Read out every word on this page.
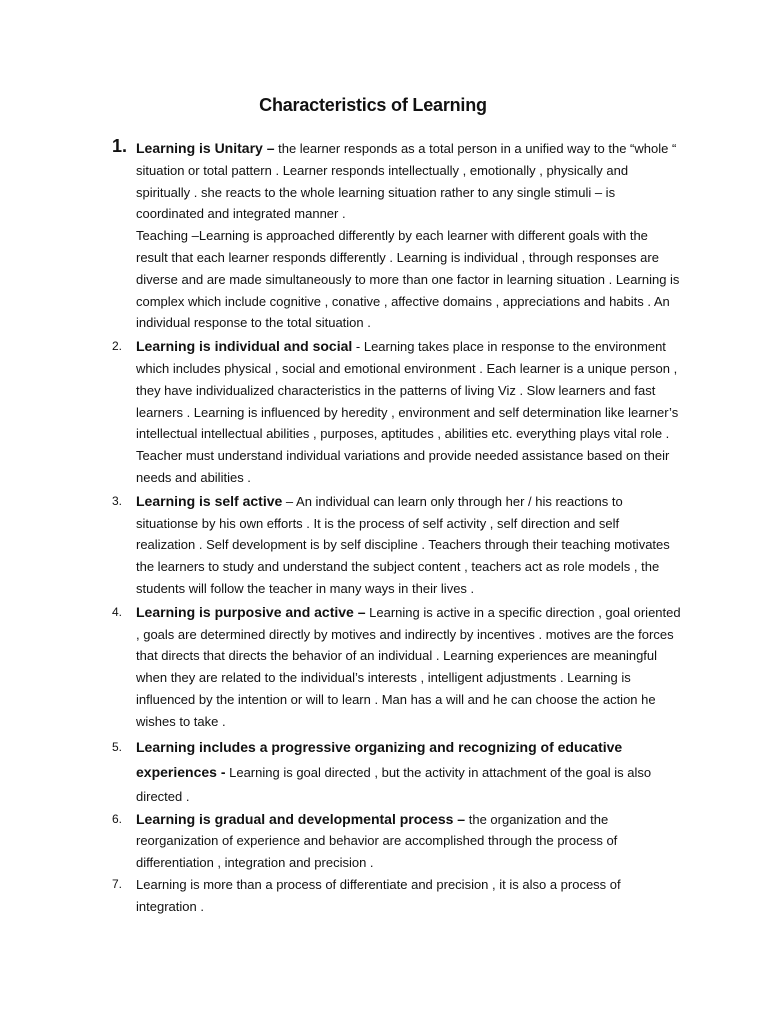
Characteristics of Learning
1. Learning is Unitary – the learner responds as a total person in a unified way to the “whole “ situation or total pattern . Learner responds intellectually , emotionally , physically and spiritually . she reacts to the whole learning situation rather to any single stimuli – is coordinated and integrated manner .
Teaching –Learning is approached differently by each learner with different goals with the result that each learner responds differently . Learning is individual , through responses are diverse and are made simultaneously to more than one factor in learning situation . Learning is complex which include cognitive , conative , affective domains , appreciations and habits . An individual response to the total situation .
2. Learning is individual and social - Learning takes place in response to the environment which includes physical , social and emotional environment . Each learner is a unique person , they have individualized characteristics in the patterns of living Viz . Slow learners and fast learners . Learning is influenced by heredity , environment and self determination like learner’s intellectual intellectual abilities , purposes, aptitudes , abilities etc. everything plays vital role . Teacher must understand individual variations and provide needed assistance based on their needs and abilities .
3. Learning is self active – An individual can learn only through her / his reactions to situationse by his own efforts . It is the process of self activity , self direction and self realization . Self development is by self discipline . Teachers through their teaching motivates the learners to study and understand the subject content , teachers act as role models , the students will follow the teacher in many ways in their lives .
4. Learning is purposive and active – Learning is active in a specific direction , goal oriented , goals are determined directly by motives and indirectly by incentives . motives are the forces that directs that directs the behavior of an individual . Learning experiences are meaningful when they are related to the individual’s interests , intelligent adjustments . Learning is influenced by the intention or will to learn . Man has a will and he can choose the action he wishes to take .
5. Learning includes a progressive organizing and recognizing of educative experiences - Learning is goal directed , but the activity in attachment of the goal is also directed .
6. Learning is gradual and developmental process – the organization and the reorganization of experience and behavior are accomplished through the process of differentiation , integration and precision .
7. Learning is more than a process of differentiate and precision , it is also a process of integration .
